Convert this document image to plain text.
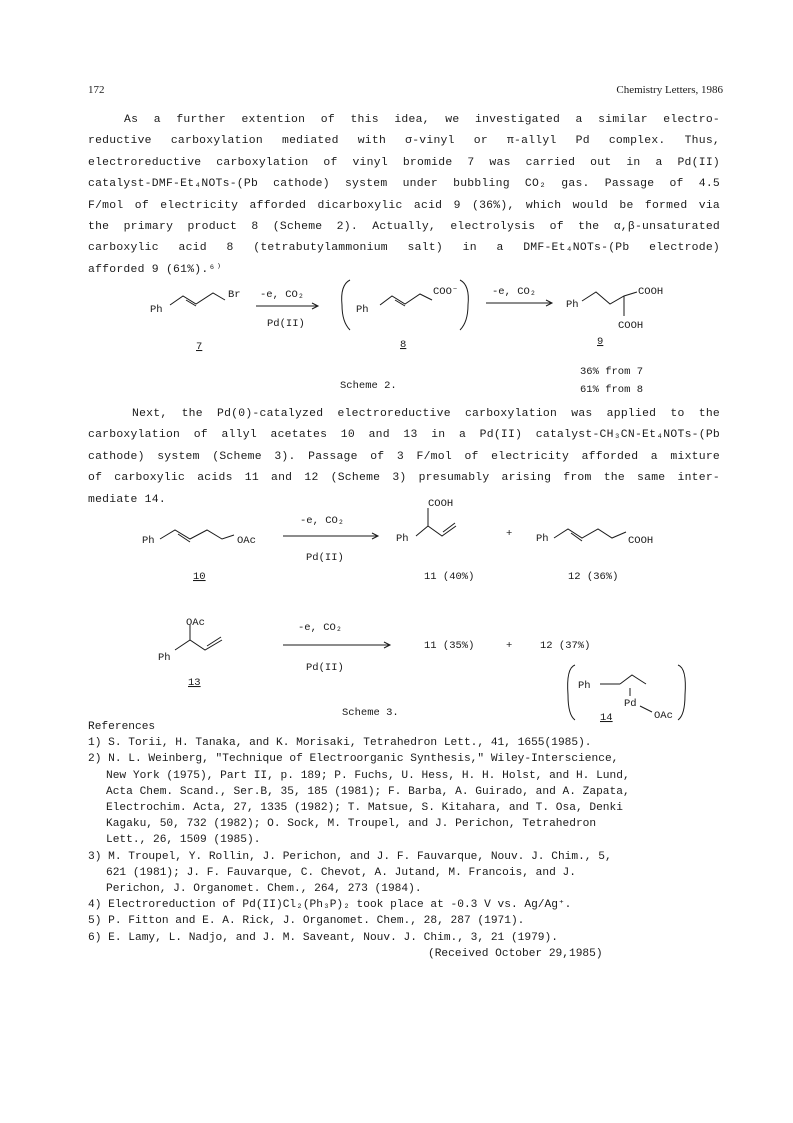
172	Chemistry Letters, 1986
As a further extention of this idea, we investigated a similar electro-
reductive carboxylation mediated with σ-vinyl or π-allyl Pd complex. Thus,
electroreductive carboxylation of vinyl bromide 7 was carried out in a Pd(II)
catalyst-DMF-Et₄NOTs-(Pb cathode) system under bubbling CO₂ gas. Passage of 4.5
F/mol of electricity afforded dicarboxylic acid 9 (36%), which would be formed via
the primary product 8 (Scheme 2). Actually, electrolysis of the α,β-unsaturated
carboxylic acid 8 (tetrabutylammonium salt) in a DMF-Et₄NOTs-(Pb electrode)
afforded 9 (61%).⁶⁾
Ph
Br -e, CO₂
Pd(II)
Ph
COO⁻	-e, CO₂
Ph
COOH
COOH
7	8	9
36% from 7
61% from 8
Scheme 2.
Next, the Pd(0)-catalyzed electroreductive carboxylation was applied to the
carboxylation of allyl acetates 10 and 13 in a Pd(II) catalyst-CH₃CN-Et₄NOTs-(Pb
cathode) system (Scheme 3). Passage of 3 F/mol of electricity afforded a mixture
of carboxylic acids 11 and 12 (Scheme 3) presumably arising from the same inter-
mediate 14.
Ph	OAc
-e, CO₂
Pd(II)
COOH
Ph	+ Ph	COOH
10	11 (40%)	12 (36%)
OAc
Ph
-e, CO₂
Pd(II)
11 (35%)	+	12 (37%)
13	Ph
Pd
OAc
14
Scheme 3.
References
1) S. Torii, H. Tanaka, and K. Morisaki, Tetrahedron Lett., 41, 1655(1985).
2) N. L. Weinberg, "Technique of Electroorganic Synthesis," Wiley-Interscience,
New York (1975), Part II, p. 189; P. Fuchs, U. Hess, H. H. Holst, and H. Lund,
Acta Chem. Scand., Ser.B, 35, 185 (1981); F. Barba, A. Guirado, and A. Zapata,
Electrochim. Acta, 27, 1335 (1982); T. Matsue, S. Kitahara, and T. Osa, Denki
Kagaku, 50, 732 (1982); O. Sock, M. Troupel, and J. Perichon, Tetrahedron
Lett., 26, 1509 (1985).
3) M. Troupel, Y. Rollin, J. Perichon, and J. F. Fauvarque, Nouv. J. Chim., 5,
621 (1981); J. F. Fauvarque, C. Chevot, A. Jutand, M. Francois, and J.
Perichon, J. Organomet. Chem., 264, 273 (1984).
4) Electroreduction of Pd(II)Cl₂(Ph₃P)₂ took place at -0.3 V vs. Ag/Ag⁺.
5) P. Fitton and E. A. Rick, J. Organomet. Chem., 28, 287 (1971).
6) E. Lamy, L. Nadjo, and J. M. Saveant, Nouv. J. Chim., 3, 21 (1979).
(Received October 29,1985)
